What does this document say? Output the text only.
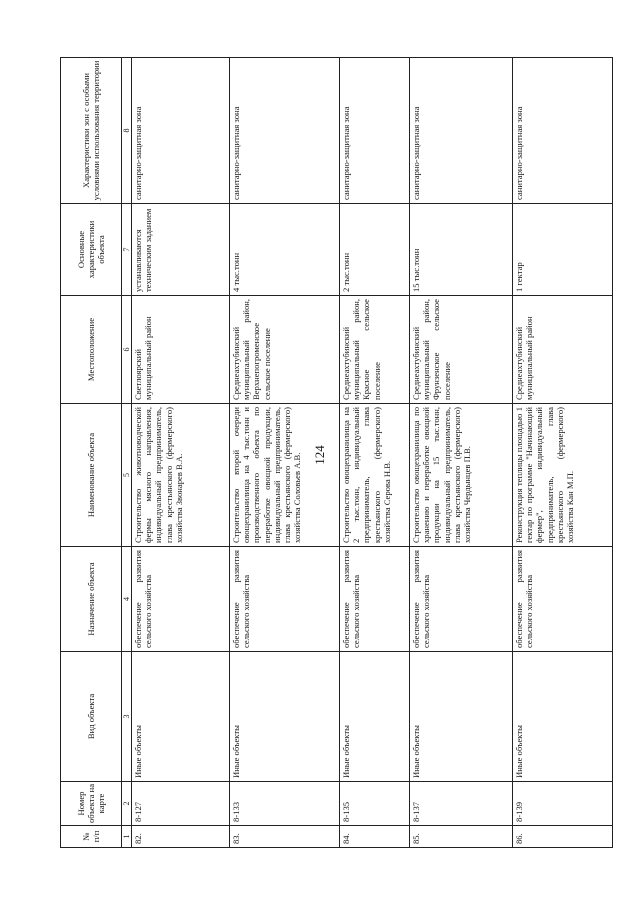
124
№ п/п	Номер объекта на карте	Вид объекта	Назначение объекта	Наименование объекта	Местоположение	Основные характеристики объекта	Характеристики зон с особыми условиями использования территории
1	2	3	4	5	6	7	8
82.	8-127	Иные объекты	обеспечение развития сельского хозяйства	Строительство животноводческой фермы мясного направления, индивидуальный предприниматель, глава крестьянского (фермерского) хозяйства Звонарев В.А.	Светлоярский муниципальный район	устанавливаются техническим заданием	санитарно-защитная зона
83.	8-133	Иные объекты	обеспечение развития сельского хозяйства	Строительство второй очереди овощехранилища на 4 тыс.тонн и производственного объекта по переработке овощной продукции, индивидуальный предприниматель, глава крестьянского (фермерского) хозяйства Соловьев А.В.	Среднеахтубинский муниципальный район, Верхнепогроменское сельское поселение	4 тыс.тонн	санитарно-защитная зона
84.	8-135	Иные объекты	обеспечение развития сельского хозяйства	Строительство овощехранилища на 2 тыс.тонн, индивидуальный предприниматель, глава крестьянского (фермерского) хозяйства Серова Н.В.	Среднеахтубинский муниципальный район, Красное сельское поселение	2 тыс.тонн	санитарно-защитная зона
85.	8-137	Иные объекты	обеспечение развития сельского хозяйства	Строительство овощехранилища по хранению и переработке овощной продукции на 15 тыс.тонн, индивидуальный предприниматель, глава крестьянского (фермерского) хозяйства Чердынцев П.В.	Среднеахтубинский муниципальный район, Фрунзенское сельское поселение	15 тыс.тонн	санитарно-защитная зона
86.	8-139	Иные объекты	обеспечение развития сельского хозяйства	Реконструкция теплицы площадью 1 гектар по программе "Начинающий фермер", индивидуальный предприниматель, глава крестьянского (фермерского) хозяйства Кан М.П.	Среднеахтубинский муниципальный район	1 гектар	санитарно-защитная зона
